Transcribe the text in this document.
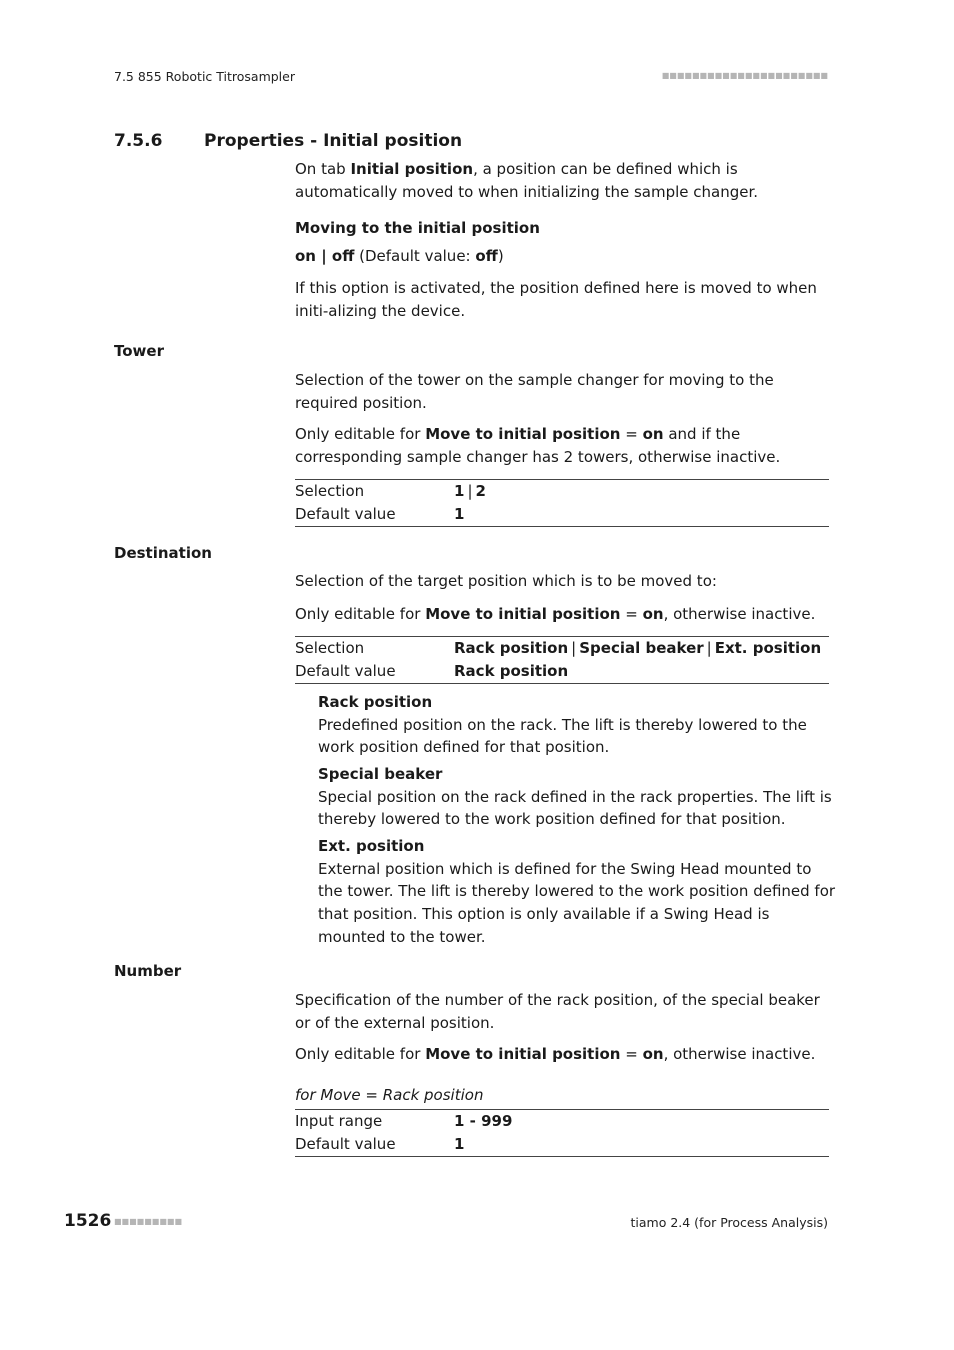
7.5 855 Robotic Titrosampler	■■■■■■■■■■■■■■■■■■■■■■
7.5.6 Properties - Initial position

On tab Initial position, a position can be defined which is automatically moved to when initializing the sample changer.

Moving to the initial position

on | off (Default value: off)

If this option is activated, the position defined here is moved to when initi-alizing the device.

Tower

Selection of the tower on the sample changer for moving to the required position.

Only editable for Move to initial position = on and if the corresponding sample changer has 2 towers, otherwise inactive.

Selection	1 | 2
Default value	1
Destination

Selection of the target position which is to be moved to:

Only editable for Move to initial position = on, otherwise inactive.

Selection	Rack position | Special beaker | Ext. position
Default value	Rack position
Rack position
Predefined position on the rack. The lift is thereby lowered to the work position defined for that position.
Special beaker
Special position on the rack defined in the rack properties. The lift is thereby lowered to the work position defined for that position.
Ext. position
External position which is defined for the Swing Head mounted to the tower. The lift is thereby lowered to the work position defined for that position. This option is only available if a Swing Head is mounted to the tower.
Number

Specification of the number of the rack position, of the special beaker or of the external position.

Only editable for Move to initial position = on, otherwise inactive.

for Move = Rack position
Input range	1 - 999
Default value	1
1526 ■■■■■■■■■	tiamo 2.4 (for Process Analysis)
